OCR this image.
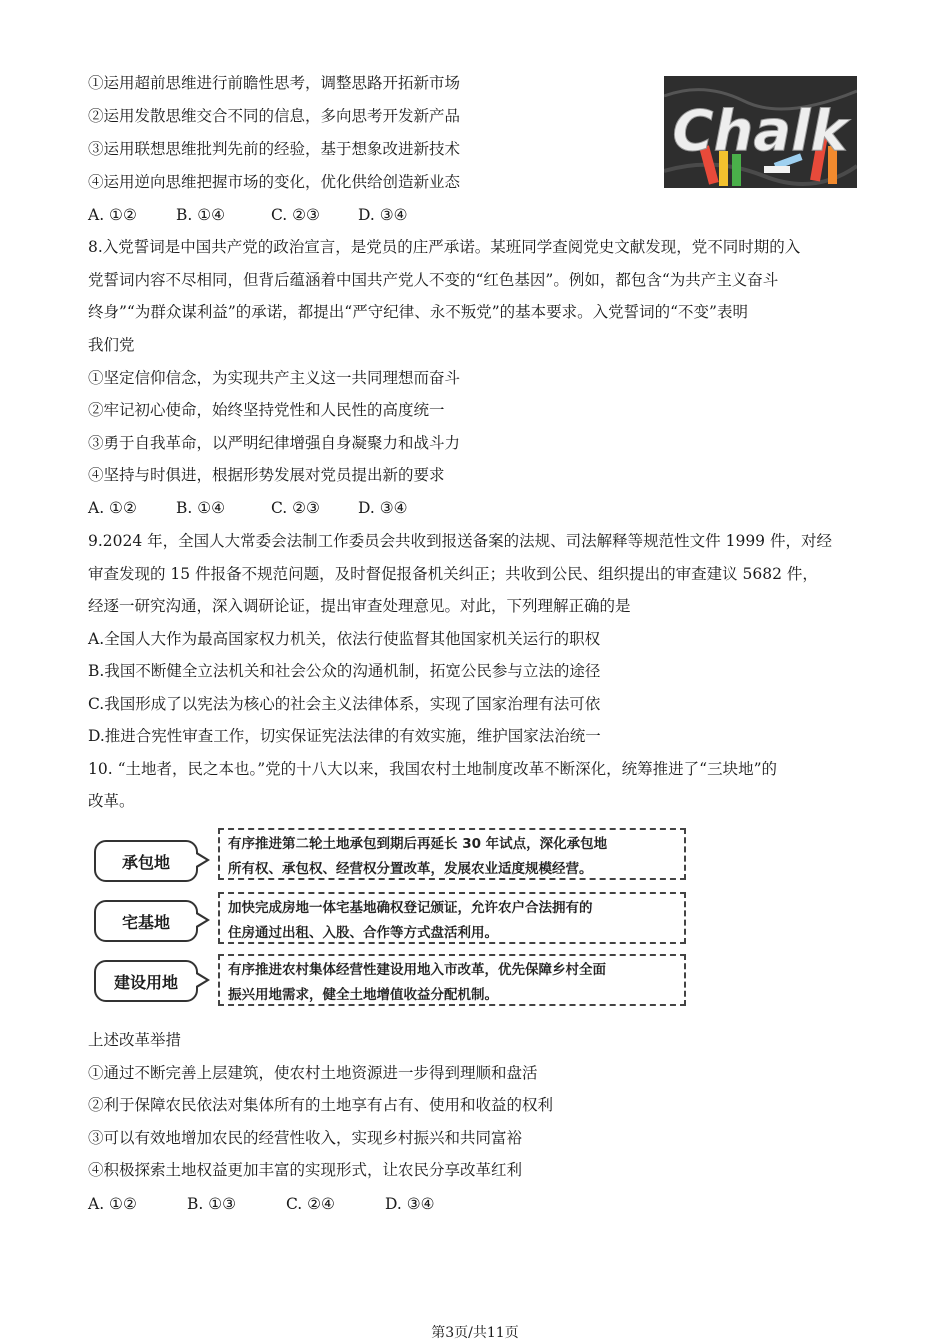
①运用超前思维进行前瞻性思考，调整思路开拓新市场
②运用发散思维交合不同的信息，多向思考开发新产品
③运用联想思维批判先前的经验，基于想象改进新技术
④运用逆向思维把握市场的变化，优化供给创造新业态
A. ①②	B. ①④	C. ②③ D. ③④
Chalk
8.入党誓词是中国共产党的政治宣言，是党员的庄严承诺。某班同学查阅党史文献发现，党不同时期的入
党誓词内容不尽相同，但背后蕴涵着中国共产党人不变的“红色基因”。例如，都包含“为共产主义奋斗
终身”“为群众谋利益”的承诺，都提出“严守纪律、永不叛党”的基本要求。入党誓词的“不变”表明
我们党
①坚定信仰信念，为实现共产主义这一共同理想而奋斗
②牢记初心使命，始终坚持党性和人民性的高度统一
③勇于自我革命，以严明纪律增强自身凝聚力和战斗力
④坚持与时俱进，根据形势发展对党员提出新的要求
A. ①②	B. ①④	C. ②③ D. ③④
9.2024 年，全国人大常委会法制工作委员会共收到报送备案的法规、司法解释等规范性文件 1999 件，对经
审查发现的 15 件报备不规范问题，及时督促报备机关纠正；共收到公民、组织提出的审查建议 5682 件，
经逐一研究沟通，深入调研论证，提出审查处理意见。对此，下列理解正确的是
A.全国人大作为最高国家权力机关，依法行使监督其他国家机关运行的职权
B.我国不断健全立法机关和社会公众的沟通机制，拓宽公民参与立法的途径
C.我国形成了以宪法为核心的社会主义法律体系，实现了国家治理有法可依
D.推进合宪性审查工作，切实保证宪法法律的有效实施，维护国家法治统一
10. “土地者，民之本也。”党的十八大以来，我国农村土地制度改革不断深化，统筹推进了“三块地”的
改革。
承包地
有序推进第二轮土地承包到期后再延长 30 年试点，深化承包地
所有权、承包权、经营权分置改革，发展农业适度规模经营。
宅基地
加快完成房地一体宅基地确权登记颁证，允许农户合法拥有的
住房通过出租、入股、合作等方式盘活利用。
建设用地
有序推进农村集体经营性建设用地入市改革，优先保障乡村全面
振兴用地需求，健全土地增值收益分配机制。
上述改革举措
①通过不断完善上层建筑，使农村土地资源进一步得到理顺和盘活
②利于保障农民依法对集体所有的土地享有占有、使用和收益的权利
③可以有效地增加农民的经营性收入，实现乡村振兴和共同富裕
④积极探索土地权益更加丰富的实现形式，让农民分享改革红利
A. ①②	B. ①③	C. ②④	D. ③④
第3页/共11页
